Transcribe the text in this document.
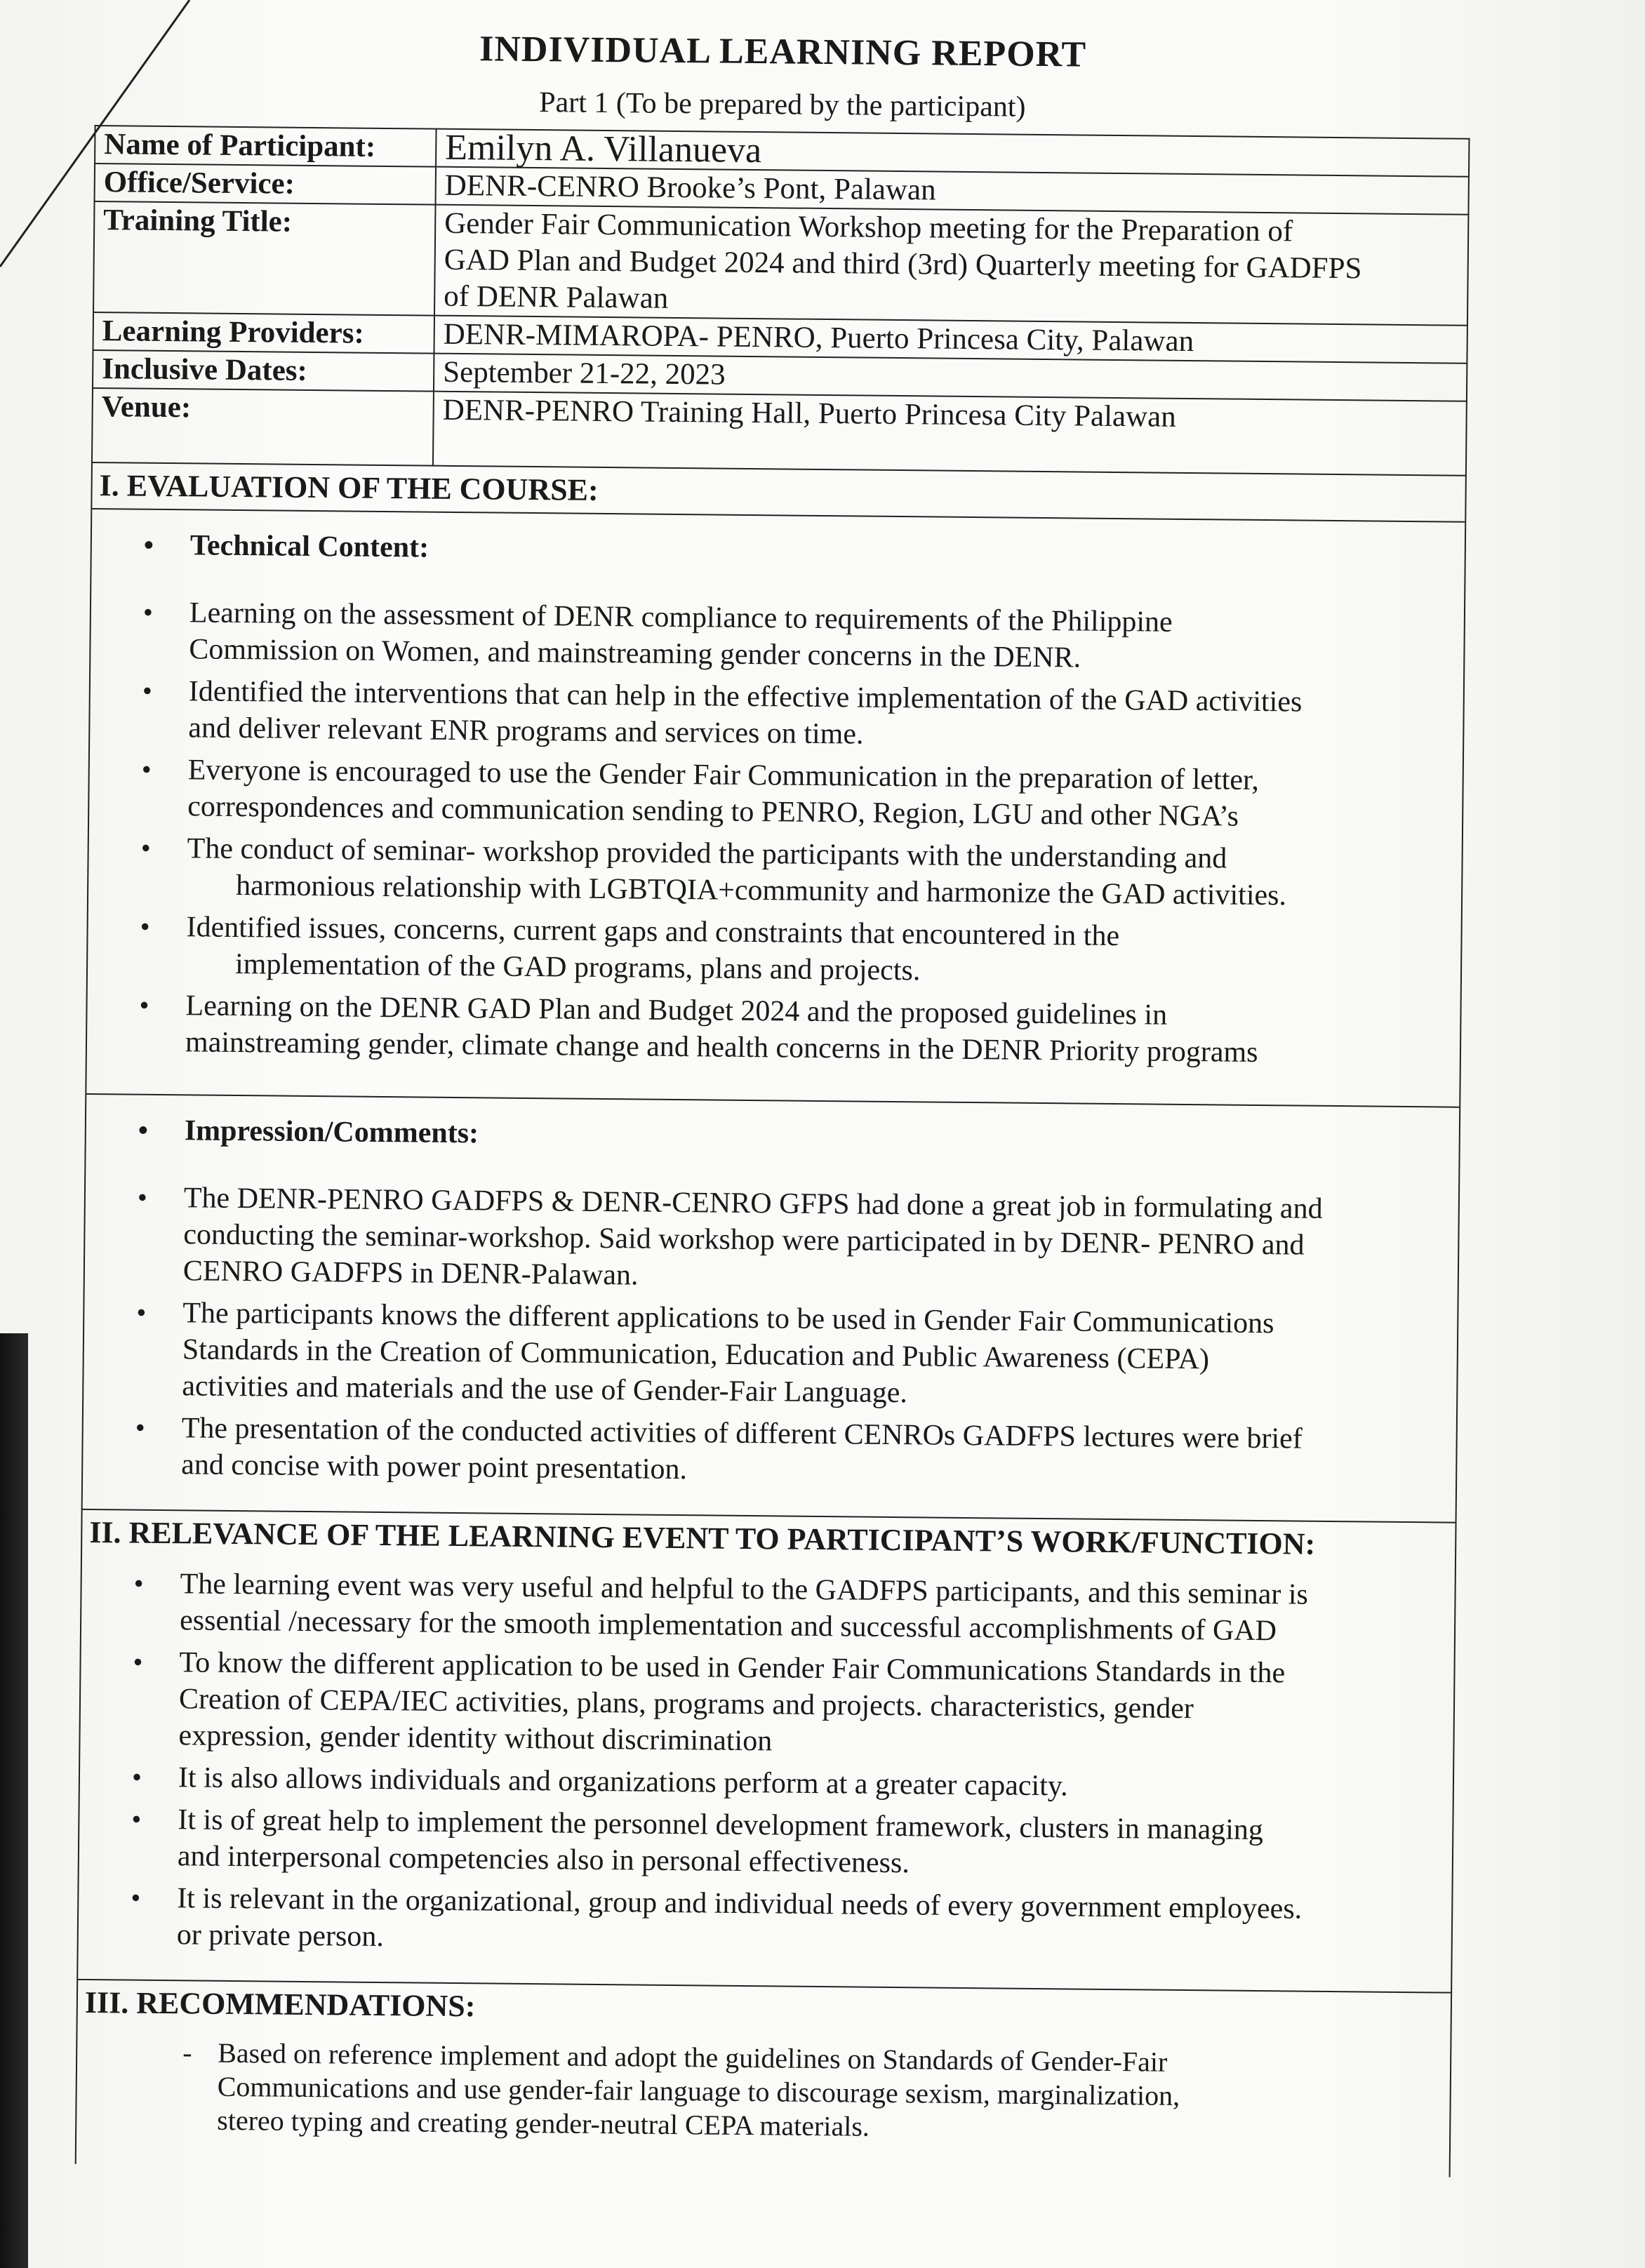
INDIVIDUAL LEARNING REPORT
Part 1 (To be prepared by the participant)
Name of Participant:	Emilyn A. Villanueva
Office/Service:	DENR-CENRO Brooke’s Pont, Palawan
Training Title:	Gender Fair Communication Workshop meeting for the Preparation of
GAD Plan and Budget 2024 and third (3rd) Quarterly meeting for GADFPS
of DENR Palawan

Learning Providers:	DENR-MIMAROPA- PENRO, Puerto Princesa City, Palawan
Inclusive Dates:	September 21-22, 2023
Venue:	DENR-PENRO Training Hall, Puerto Princesa City Palawan
I. EVALUATION OF THE COURSE:
• Technical Content:
• Learning on the assessment of DENR compliance to requirements of the Philippine
Commission on Women, and mainstreaming gender concerns in the DENR.
• Identified the interventions that can help in the effective implementation of the GAD activities
and deliver relevant ENR programs and services on time.
• Everyone is encouraged to use the Gender Fair Communication in the preparation of letter,
correspondences and communication sending to PENRO, Region, LGU and other NGA’s
• The conduct of seminar- workshop provided the participants with the understanding and

harmonious relationship with LGBTQIA+community and harmonize the GAD activities.
• Identified issues, concerns, current gaps and constraints that encountered in the

implementation of the GAD programs, plans and projects.
• Learning on the DENR GAD Plan and Budget 2024 and the proposed guidelines in
mainstreaming gender, climate change and health concerns in the DENR Priority programs
• Impression/Comments:
• The DENR-PENRO GADFPS & DENR-CENRO GFPS had done a great job in formulating and
conducting the seminar-workshop. Said workshop were participated in by DENR- PENRO and
CENRO GADFPS in DENR-Palawan.
• The participants knows the different applications to be used in Gender Fair Communications
Standards in the Creation of Communication, Education and Public Awareness (CEPA)
activities and materials and the use of Gender-Fair Language.
• The presentation of the conducted activities of different CENROs GADFPS lectures were brief
and concise with power point presentation.
II. RELEVANCE OF THE LEARNING EVENT TO PARTICIPANT’S WORK/FUNCTION:
• The learning event was very useful and helpful to the GADFPS participants, and this seminar is
essential /necessary for the smooth implementation and successful accomplishments of GAD
• To know the different application to be used in Gender Fair Communications Standards in the
Creation of CEPA/IEC activities, plans, programs and projects. characteristics, gender
expression, gender identity without discrimination
• It is also allows individuals and organizations perform at a greater capacity.
• It is of great help to implement the personnel development framework, clusters in managing
and interpersonal competencies also in personal effectiveness.
• It is relevant in the organizational, group and individual needs of every government employees.
or private person.
III. RECOMMENDATIONS:
- Based on reference implement and adopt the guidelines on Standards of Gender-Fair
Communications and use gender-fair language to discourage sexism, marginalization,
stereo typing and creating gender-neutral CEPA materials.
